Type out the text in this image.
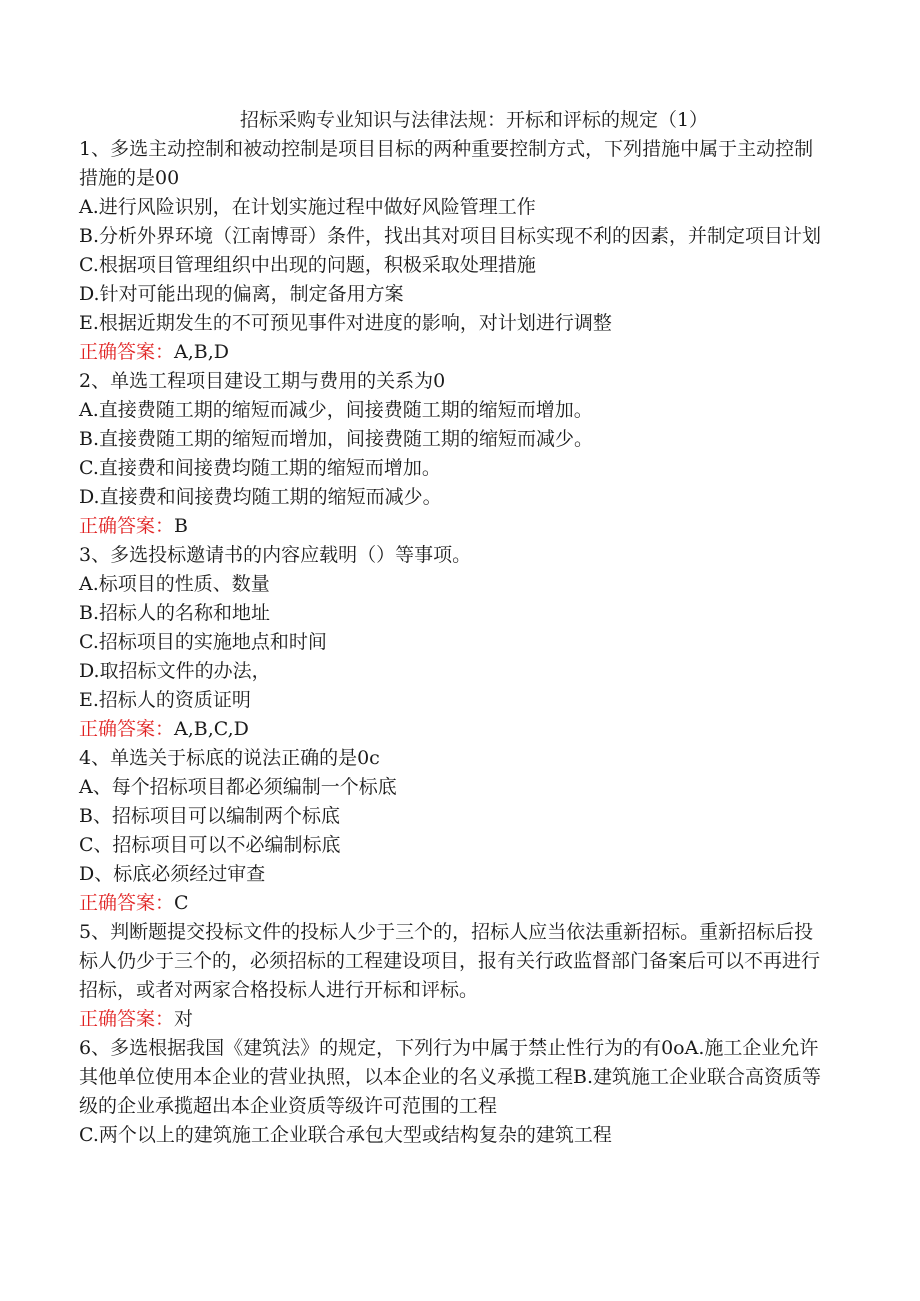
招标采购专业知识与法律法规：开标和评标的规定（1）

1、多选主动控制和被动控制是项目目标的两种重要控制方式，下列措施中属于主动控制措施的是00

A.进行风险识别，在计划实施过程中做好风险管理工作

B.分析外界环境（江南博哥）条件，找出其对项目目标实现不利的因素，并制定项目计划

C.根据项目管理组织中出现的问题，积极采取处理措施

D.针对可能出现的偏离，制定备用方案

E.根据近期发生的不可预见事件对进度的影响，对计划进行调整

正确答案：A,B,D

2、单选工程项目建设工期与费用的关系为0

A.直接费随工期的缩短而减少，间接费随工期的缩短而增加。

B.直接费随工期的缩短而增加，间接费随工期的缩短而减少。

C.直接费和间接费均随工期的缩短而增加。

D.直接费和间接费均随工期的缩短而减少。

正确答案：B

3、多选投标邀请书的内容应载明（）等事项。

A.标项目的性质、数量

B.招标人的名称和地址

C.招标项目的实施地点和时间

D.取招标文件的办法，

E.招标人的资质证明

正确答案：A,B,C,D

4、单选关于标底的说法正确的是0c

A、每个招标项目都必须编制一个标底

B、招标项目可以编制两个标底

C、招标项目可以不必编制标底

D、标底必须经过审查

正确答案：C

5、判断题提交投标文件的投标人少于三个的，招标人应当依法重新招标。重新招标后投标人仍少于三个的，必须招标的工程建设项目，报有关行政监督部门备案后可以不再进行招标，或者对两家合格投标人进行开标和评标。

正确答案：对

6、多选根据我国《建筑法》的规定，下列行为中属于禁止性行为的有0oA.施工企业允许其他单位使用本企业的营业执照，以本企业的名义承揽工程B.建筑施工企业联合高资质等级的企业承揽超出本企业资质等级许可范围的工程

C.两个以上的建筑施工企业联合承包大型或结构复杂的建筑工程
